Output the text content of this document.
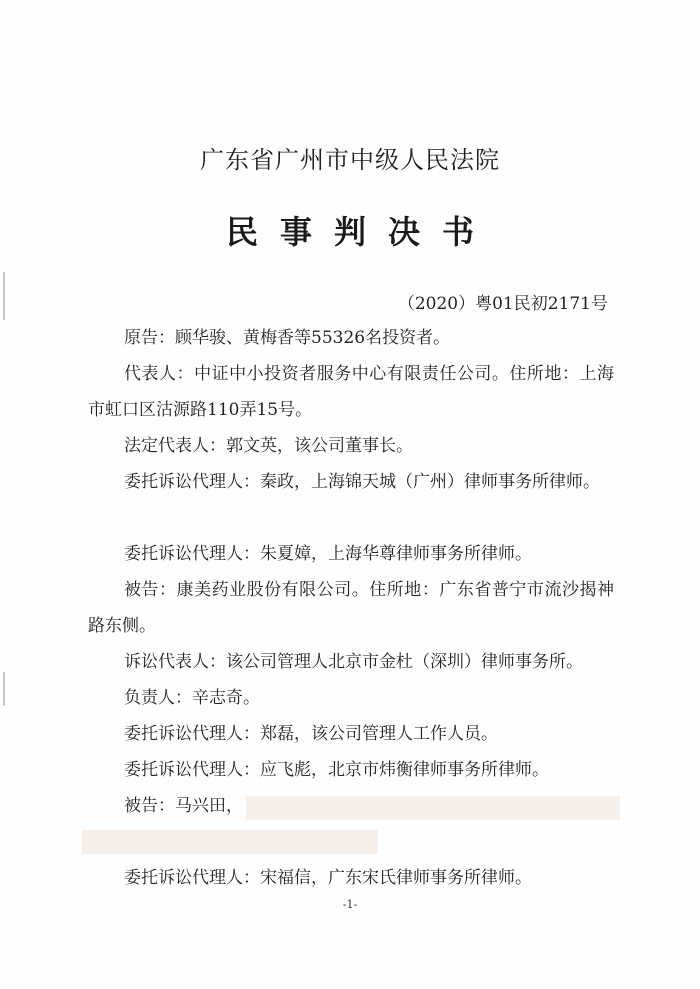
广东省广州市中级人民法院
民事判决书
（2020）粤01民初2171号
原告：顾华骏、黄梅香等55326名投资者。
代表人：中证中小投资者服务中心有限责任公司。住所地：上海市虹口区沽源路110弄15号。
法定代表人：郭文英，该公司董事长。
委托诉讼代理人：秦政，上海锦天城（广州）律师事务所律师。
委托诉讼代理人：朱夏嫜，上海华尊律师事务所律师。
被告：康美药业股份有限公司。住所地：广东省普宁市流沙揭神路东侧。
诉讼代表人：该公司管理人北京市金杜（深圳）律师事务所。
负责人：辛志奇。
委托诉讼代理人：郑磊，该公司管理人工作人员。
委托诉讼代理人：应飞彪，北京市炜衡律师事务所律师。
被告：马兴田，
委托诉讼代理人：宋福信，广东宋氏律师事务所律师。
-1-
